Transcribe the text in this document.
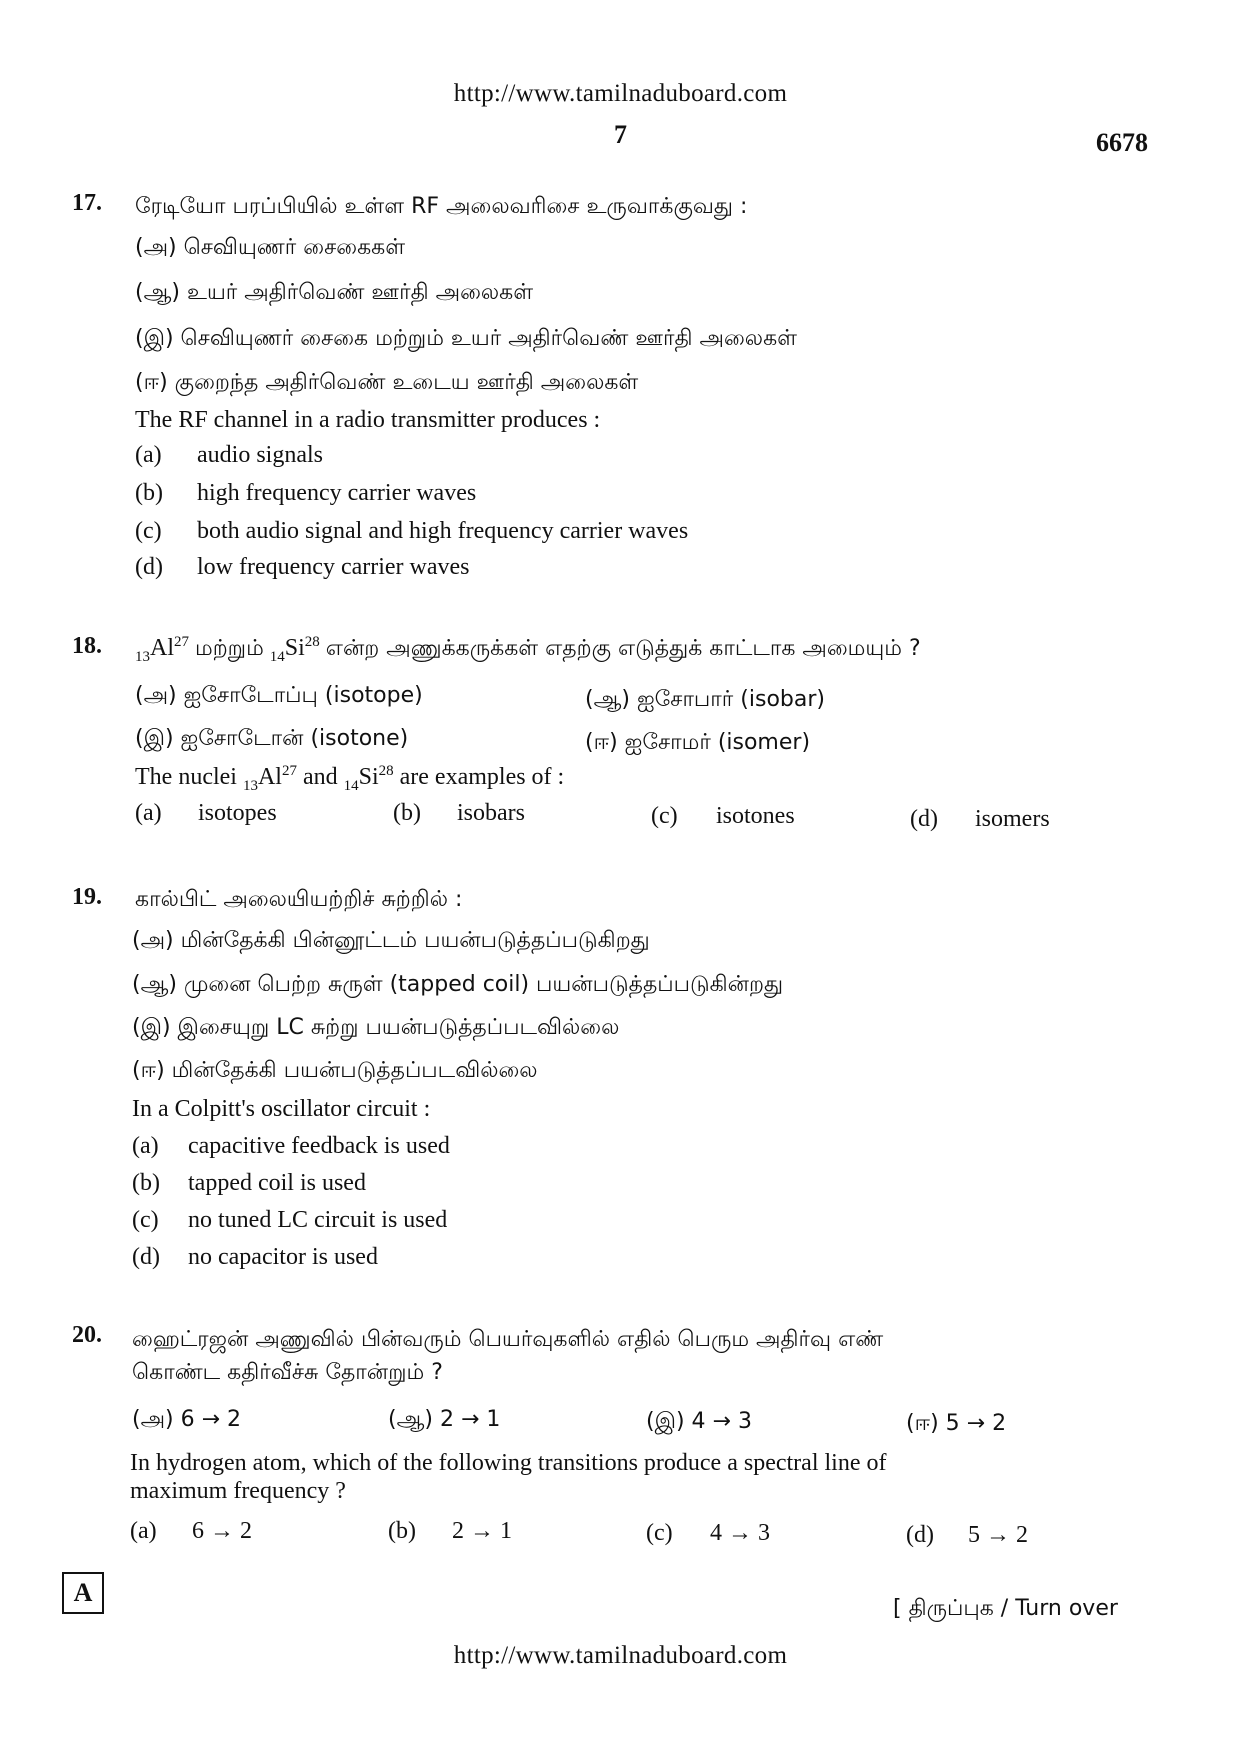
http://www.tamilnaduboard.com
7	6678
17. ரேடியோ பரப்பியில் உள்ள RF அலைவரிசை உருவாக்குவது :
(அ) செவியுணர் சைகைகள்
(ஆ) உயர் அதிர்வெண் ஊர்தி அலைகள்
(இ) செவியுணர் சைகை மற்றும் உயர் அதிர்வெண் ஊர்தி அலைகள்
(ஈ) குறைந்த அதிர்வெண் உடைய ஊர்தி அலைகள்
The RF channel in a radio transmitter produces :
(a) audio signals
(b) high frequency carrier waves
(c) both audio signal and high frequency carrier waves
(d) low frequency carrier waves
18. $_{13}Al^{27}$ மற்றும் $_{14}Si^{28}$ என்ற அணுக்கருக்கள் எதற்கு எடுத்துக் காட்டாக அமையும் ?
(அ) ஐசோடோப்பு (isotope)	(ஆ) ஐசோபார் (isobar)
(இ) ஐசோடோன் (isotone)	(ஈ) ஐசோமர் (isomer)
The nuclei $_{13}Al^{27}$ and $_{14}Si^{28}$ are examples of :
(a) isotopes	(b) isobars	(c) isotones	(d) isomers
19. கால்பிட் அலையியற்றிச் சுற்றில் :
(அ) மின்தேக்கி பின்னூட்டம் பயன்படுத்தப்படுகிறது
(ஆ) முனை பெற்ற சுருள் (tapped coil) பயன்படுத்தப்படுகின்றது
(இ) இசையுறு LC சுற்று பயன்படுத்தப்படவில்லை
(ஈ) மின்தேக்கி பயன்படுத்தப்படவில்லை
In a Colpitt's oscillator circuit :
(a) capacitive feedback is used
(b) tapped coil is used
(c) no tuned LC circuit is used
(d) no capacitor is used
20. ஹைட்ரஜன் அணுவில் பின்வரும் பெயர்வுகளில் எதில் பெரும அதிர்வு எண்
கொண்ட கதிர்வீச்சு தோன்றும் ?
(அ) 6 → 2	(ஆ) 2 → 1	(இ) 4 → 3	(ஈ) 5 → 2
In hydrogen atom, which of the following transitions produce a spectral line of
maximum frequency ?
(a) 6 → 2	(b) 2 → 1	(c) 4 → 3	(d) 5 → 2
A
[ திருப்புக / Turn over
http://www.tamilnaduboard.com
